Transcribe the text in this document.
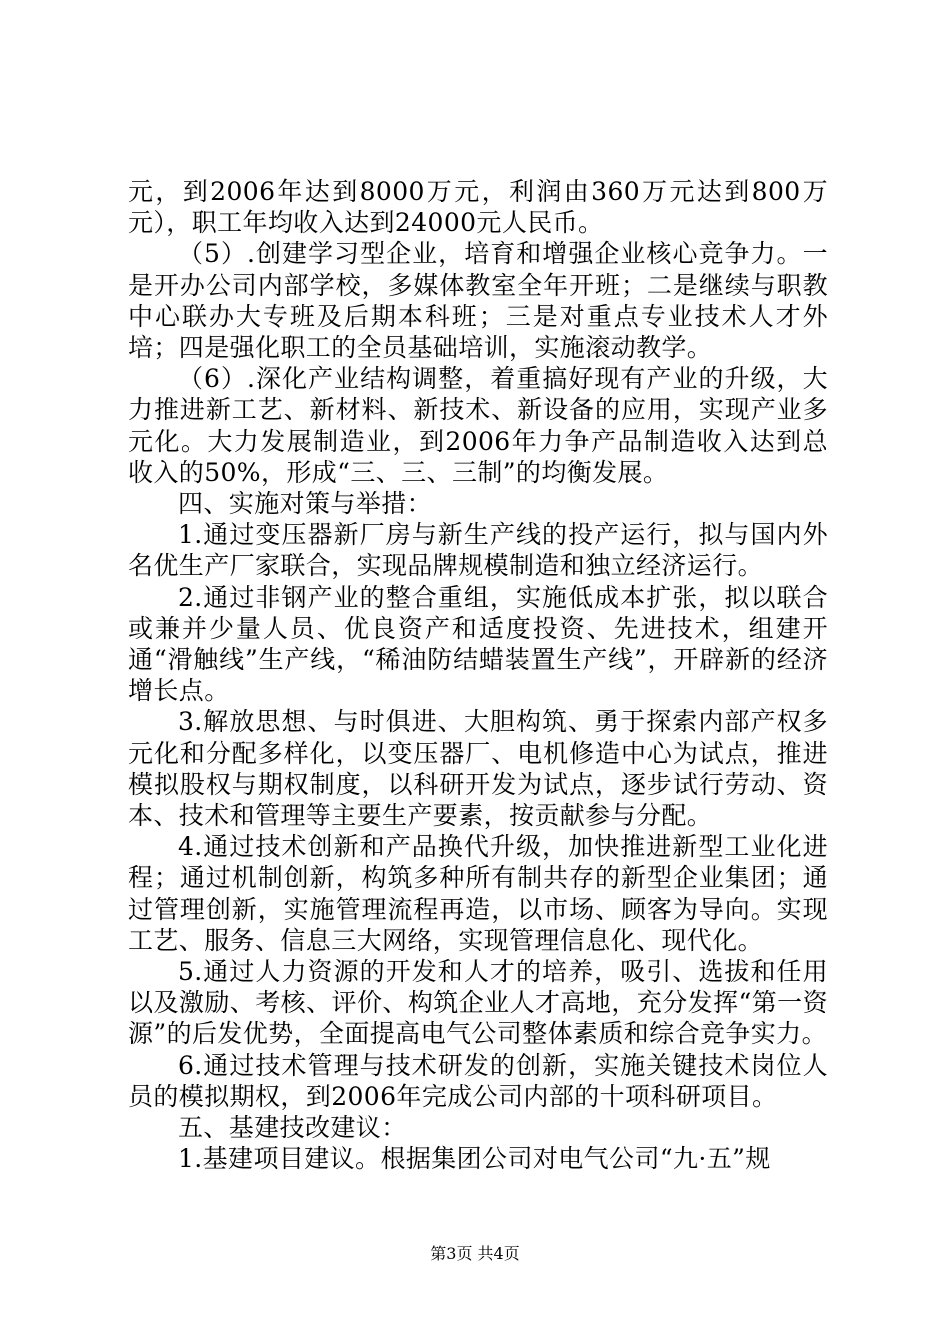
元，到2006年达到8000万元，利润由360万元达到800万元），职工年均收入达到24000元人民币。

（5）.创建学习型企业，培育和增强企业核心竞争力。一是开办公司内部学校，多媒体教室全年开班；二是继续与职教中心联办大专班及后期本科班；三是对重点专业技术人才外培；四是强化职工的全员基础培训，实施滚动教学。

（6）.深化产业结构调整，着重搞好现有产业的升级，大力推进新工艺、新材料、新技术、新设备的应用，实现产业多元化。大力发展制造业，到2006年力争产品制造收入达到总收入的50%，形成“三、三、三制”的均衡发展。

四、实施对策与举措：

1.通过变压器新厂房与新生产线的投产运行，拟与国内外名优生产厂家联合，实现品牌规模制造和独立经济运行。

2.通过非钢产业的整合重组，实施低成本扩张，拟以联合或兼并少量人员、优良资产和适度投资、先进技术，组建开通“滑触线”生产线，“稀油防结蜡装置生产线”，开辟新的经济增长点。

3.解放思想、与时俱进、大胆构筑、勇于探索内部产权多元化和分配多样化，以变压器厂、电机修造中心为试点，推进模拟股权与期权制度，以科研开发为试点，逐步试行劳动、资本、技术和管理等主要生产要素，按贡献参与分配。

4.通过技术创新和产品换代升级，加快推进新型工业化进程；通过机制创新，构筑多种所有制共存的新型企业集团；通过管理创新，实施管理流程再造，以市场、顾客为导向。实现工艺、服务、信息三大网络，实现管理信息化、现代化。

5.通过人力资源的开发和人才的培养，吸引、选拔和任用以及激励、考核、评价、构筑企业人才高地，充分发挥“第一资源”的后发优势，全面提高电气公司整体素质和综合竞争实力。

6.通过技术管理与技术研发的创新，实施关键技术岗位人员的模拟期权，到2006年完成公司内部的十项科研项目。

五、基建技改建议：

1.基建项目建议。根据集团公司对电气公司“九·五”规

第3页 共4页
